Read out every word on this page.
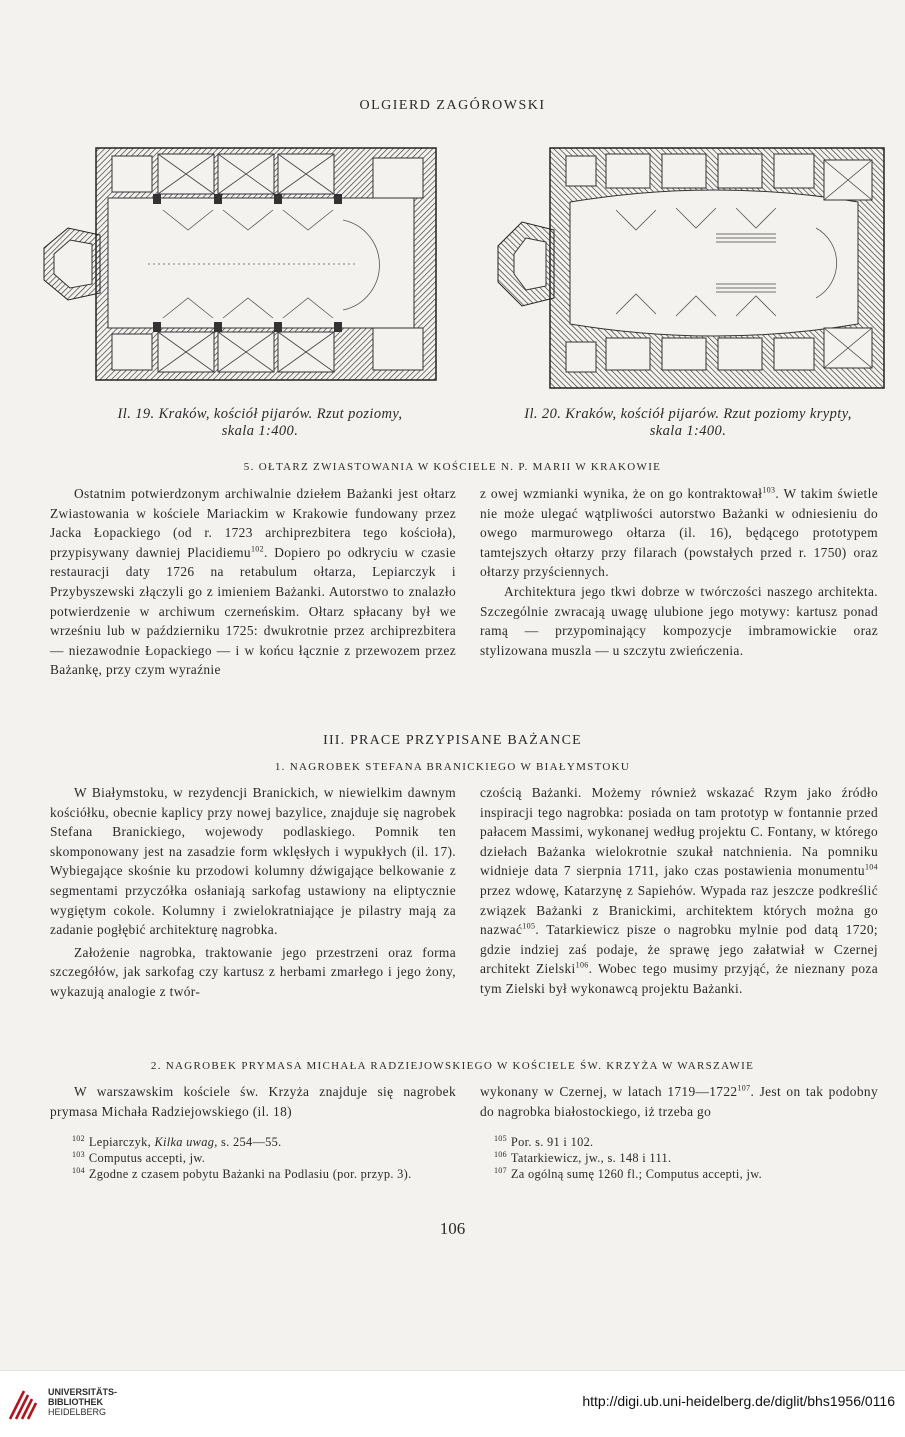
OLGIERD ZAGÓROWSKI
Il. 19. Kraków, kościół pijarów. Rzut poziomy,
skala 1:400.
Il. 20. Kraków, kościół pijarów. Rzut poziomy krypty,
skala 1:400.
5. OŁTARZ ZWIASTOWANIA W KOŚCIELE N. P. MARII W KRAKOWIE

Ostatnim potwierdzonym archiwalnie dziełem Bażanki jest ołtarz Zwiastowania w kościele Mariackim w Krakowie fundowany przez Jacka Łopackiego (od r. 1723 archiprezbitera tego kościoła), przypisywany dawniej Placidiemu$^{102}$. Dopiero po odkryciu w czasie restauracji daty 1726 na retabulum ołtarza, Lepiarczyk i Przybyszewski złączyli go z imieniem Bażanki. Autorstwo to znalazło potwierdzenie w archiwum czerneńskim. Ołtarz spłacany był we wrześniu lub w październiku 1725: dwukrotnie przez archiprezbitera — niezawodnie Łopackiego — i w końcu łącznie z przewozem przez Bażankę, przy czym wyraźnie

z owej wzmianki wynika, że on go kontraktował$^{103}$. W takim świetle nie może ulegać wątpliwości autorstwo Bażanki w odniesieniu do owego marmurowego ołtarza (il. 16), będącego prototypem tamtejszych ołtarzy przy filarach (powstałych przed r. 1750) oraz ołtarzy przyściennych.

Architektura jego tkwi dobrze w twórczości naszego architekta. Szczególnie zwracają uwagę ulubione jego motywy: kartusz ponad ramą — przypominający kompozycje imbramowickie oraz stylizowana muszla — u szczytu zwieńczenia.

III. PRACE PRZYPISANE BAŻANCE
1. NAGROBEK STEFANA BRANICKIEGO W BIAŁYMSTOKU

W Białymstoku, w rezydencji Branickich, w niewielkim dawnym kościółku, obecnie kaplicy przy nowej bazylice, znajduje się nagrobek Stefana Branickiego, wojewody podlaskiego. Pomnik ten skomponowany jest na zasadzie form wklęsłych i wypukłych (il. 17). Wybiegające skośnie ku przodowi kolumny dźwigające belkowanie z segmentami przyczółka osłaniają sarkofag ustawiony na eliptycznie wygiętym cokole. Kolumny i zwielokratniające je pilastry mają za zadanie pogłębić architekturę nagrobka.

Założenie nagrobka, traktowanie jego przestrzeni oraz forma szczegółów, jak sarkofag czy kartusz z herbami zmarłego i jego żony, wykazują analogie z twór-

czością Bażanki. Możemy również wskazać Rzym jako źródło inspiracji tego nagrobka: posiada on tam prototyp w fontannie przed pałacem Massimi, wykonanej według projektu C. Fontany, w którego dziełach Bażanka wielokrotnie szukał natchnienia. Na pomniku widnieje data 7 sierpnia 1711, jako czas postawienia monumentu$^{104}$ przez wdowę, Katarzynę z Sapiehów. Wypada raz jeszcze podkreślić związek Bażanki z Branickimi, architektem których można go nazwać$^{105}$. Tatarkiewicz pisze o nagrobku mylnie pod datą 1720; gdzie indziej zaś podaje, że sprawę jego załatwiał w Czernej architekt Zielski$^{106}$. Wobec tego musimy przyjąć, że nieznany poza tym Zielski był wykonawcą projektu Bażanki.

2. NAGROBEK PRYMASA MICHAŁA RADZIEJOWSKIEGO W KOŚCIELE ŚW. KRZYŻA W WARSZAWIE

W warszawskim kościele św. Krzyża znajduje się nagrobek prymasa Michała Radziejowskiego (il. 18)

wykonany w Czernej, w latach 1719—1722$^{107}$. Jest on tak podobny do nagrobka białostockiego, iż trzeba go

$^{102}$ Lepiarczyk, Kilka uwag, s. 254—55.
$^{103}$ Computus accepti, jw.
$^{104}$ Zgodne z czasem pobytu Bażanki na Podlasiu (por. przyp. 3).
$^{105}$ Por. s. 91 i 102.
$^{106}$ Tatarkiewicz, jw., s. 148 i 111.
$^{107}$ Za ogólną sumę 1260 fl.; Computus accepti, jw.
106
UNIVERSITÄTS-
BIBLIOTHEK
HEIDELBERG
http://digi.ub.uni-heidelberg.de/diglit/bhs1956/0116
